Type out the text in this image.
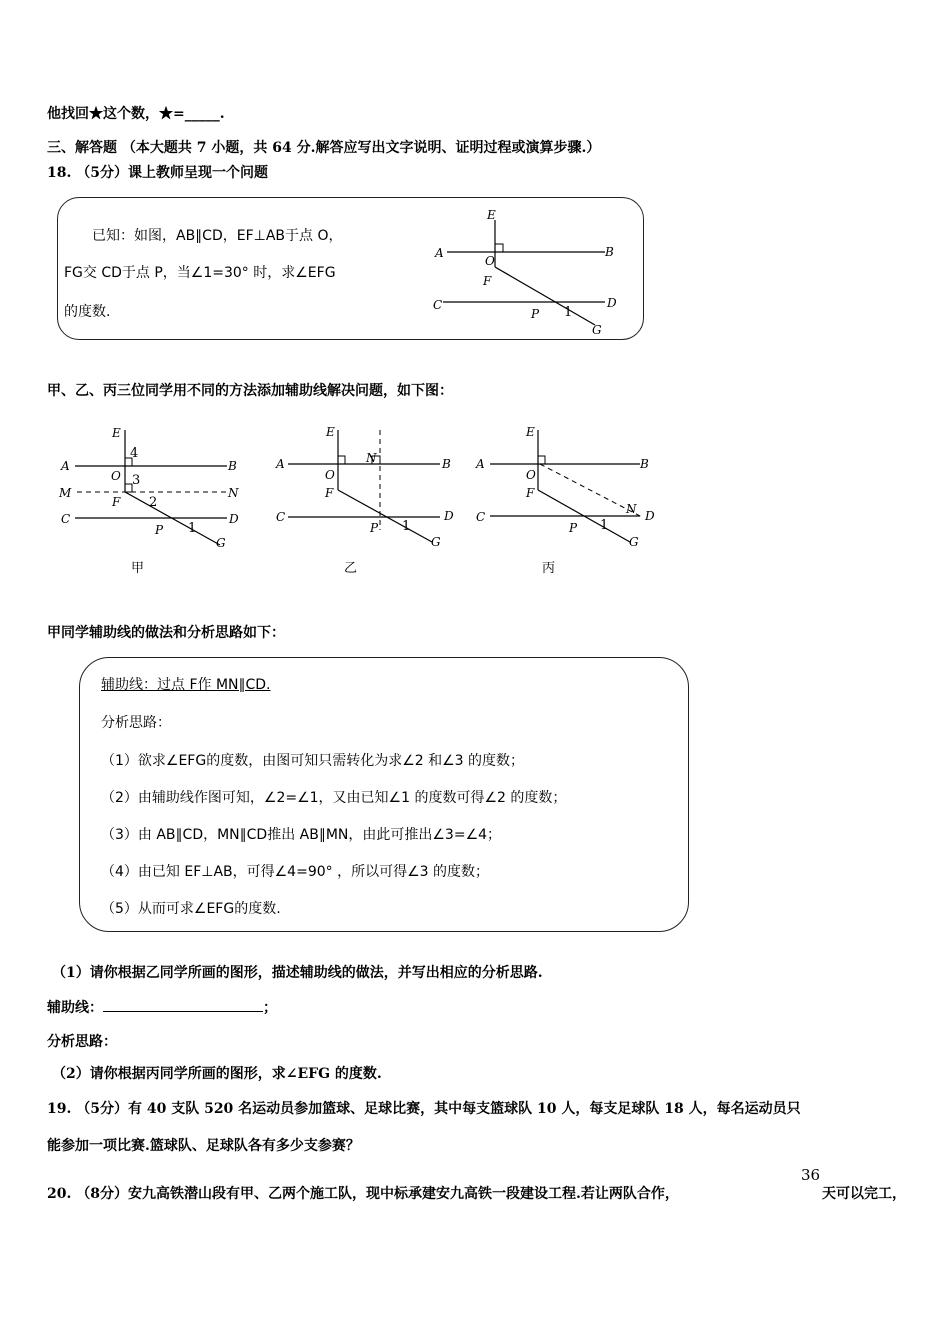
他找回★这个数，★=_____.
三、解答题 （本大题共 7 小题，共 64 分.解答应写出文字说明、证明过程或演算步骤.）
18. （5分）课上教师呈现一个问题
已知：如图，AB∥CD，EF⊥AB于点 O，
FG交 CD于点 P，当∠1=30° 时，求∠EFG
的度数.
E
A	B
O
F
C	D
P 1
G
甲、乙、丙三位同学用不同的方法添加辅助线解决问题，如下图：
E
4
A	B
O 3
M	N
F 2
C	D
P 1
G
甲
E
A	N	B
O
F
C	D
P 1
G
乙
E
A	B
O
F
N
C	D
P 1
G
丙
甲同学辅助线的做法和分析思路如下：
辅助线：过点 F作 MN∥CD.
分析思路：
（1）欲求∠EFG的度数，由图可知只需转化为求∠2 和∠3 的度数；
（2）由辅助线作图可知，∠2=∠1，又由已知∠1 的度数可得∠2 的度数；
（3）由 AB∥CD，MN∥CD推出 AB∥MN，由此可推出∠3=∠4；
（4）由已知 EF⊥AB，可得∠4=90° ，所以可得∠3 的度数；
（5）从而可求∠EFG的度数.
（1）请你根据乙同学所画的图形，描述辅助线的做法，并写出相应的分析思路.
辅助线：	；
分析思路：
（2）请你根据丙同学所画的图形，求∠EFG 的度数.
19. （5分）有 40 支队 520 名运动员参加篮球、足球比赛，其中每支篮球队 10 人，每支足球队 18 人，每名运动员只
能参加一项比赛.篮球队、足球队各有多少支参赛？
20. （8分）安九高铁潜山段有甲、乙两个施工队，现中标承建安九高铁一段建设工程.若让两队合作，
36
天可以完工，
